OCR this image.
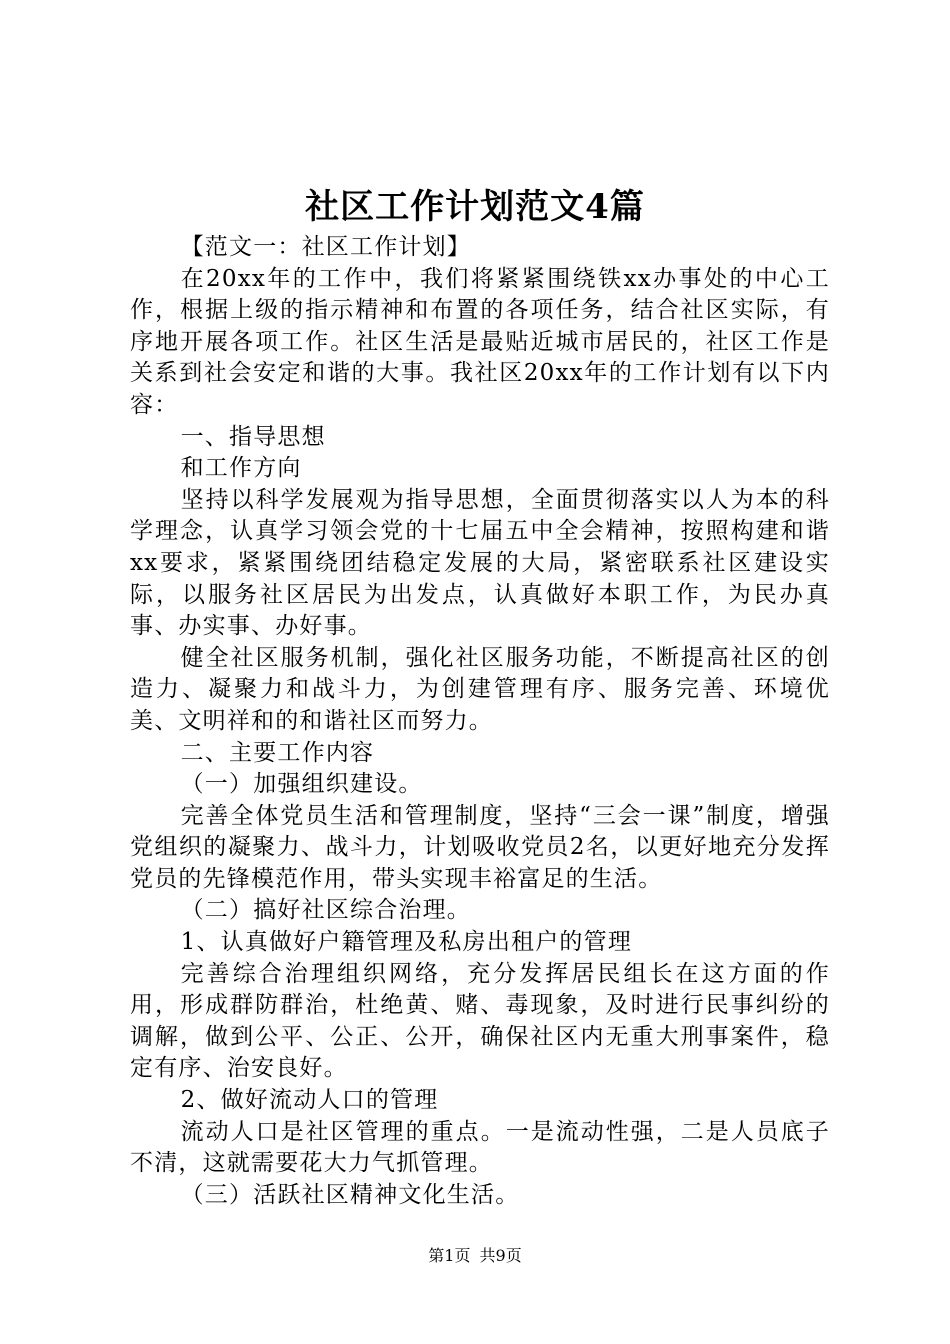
社区工作计划范文4篇

【范文一：社区工作计划】

在20xx年的工作中，我们将紧紧围绕铁xx办事处的中心工作，根据上级的指示精神和布置的各项任务，结合社区实际，有序地开展各项工作。社区生活是最贴近城市居民的，社区工作是关系到社会安定和谐的大事。我社区20xx年的工作计划有以下内容：

一、指导思想

和工作方向

坚持以科学发展观为指导思想，全面贯彻落实以人为本的科学理念，认真学习领会党的十七届五中全会精神，按照构建和谐xx要求，紧紧围绕团结稳定发展的大局，紧密联系社区建设实际，以服务社区居民为出发点，认真做好本职工作，为民办真事、办实事、办好事。

健全社区服务机制，强化社区服务功能，不断提高社区的创造力、凝聚力和战斗力，为创建管理有序、服务完善、环境优美、文明祥和的和谐社区而努力。

二、主要工作内容

（一）加强组织建设。

完善全体党员生活和管理制度，坚持“三会一课”制度，增强党组织的凝聚力、战斗力，计划吸收党员2名，以更好地充分发挥党员的先锋模范作用，带头实现丰裕富足的生活。

（二）搞好社区综合治理。

1、认真做好户籍管理及私房出租户的管理

完善综合治理组织网络，充分发挥居民组长在这方面的作用，形成群防群治，杜绝黄、赌、毒现象，及时进行民事纠纷的调解，做到公平、公正、公开，确保社区内无重大刑事案件，稳定有序、治安良好。

2、做好流动人口的管理

流动人口是社区管理的重点。一是流动性强，二是人员底子不清，这就需要花大力气抓管理。

（三）活跃社区精神文化生活。

第1页 共9页
